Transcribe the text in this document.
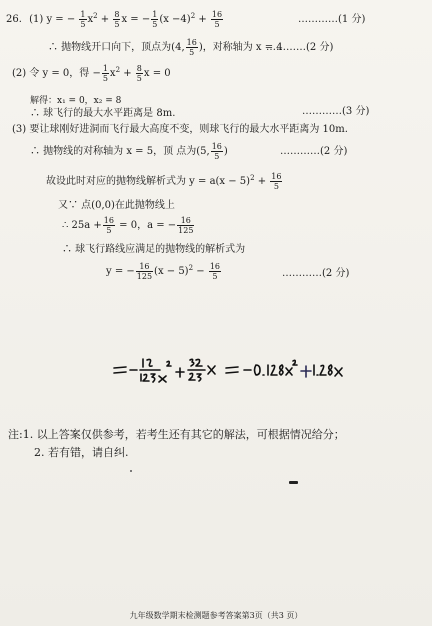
26. (1) y = − $\frac{1}{5} x^2 + \frac{8}{5}$ x = − $\frac{1}{5} (x -4)^2 + \frac{16}{5}$	…………(1 分)
∴ 抛物线开口向下，顶点为(4, $\frac{16}{5}$ )，对称轴为 x = 4
…………(2 分)
(2) 令 y = 0，得 − $\frac{1}{5} x^2 + \frac{8}{5}$ x = 0
解得：x₁ = 0，x₂ = 8
∴ 球飞行的最大水平距离是 8m.	…………(3 分)
(3) 要让球刚好进洞而飞行最大高度不变，则球飞行的最大水平距离为 10m.
∴ 抛物线的对称轴为 x = 5，顶 点为(5, $\frac{16}{5}$ )	…………(2 分)
故设此时对应的抛物线解析式为 $y = a(x - 5)^2 + \frac{16}{5}$
又∵ 点(0,0)在此抛物线上
∴ $25a + \frac{16}{5} = 0$，a = − $\frac{16}{125}$
∴ 球飞行路线应满足的抛物线的解析式为
y = − $\frac{16}{125} (x - 5)^2 - \frac{16}{5}$	…………(2 分)
注:1. 以上答案仅供参考，若考生还有其它的解法，可根据情况给分；
2. 若有错，请自纠.
九年级数学期末检测题参考答案第3页（共3 页）
